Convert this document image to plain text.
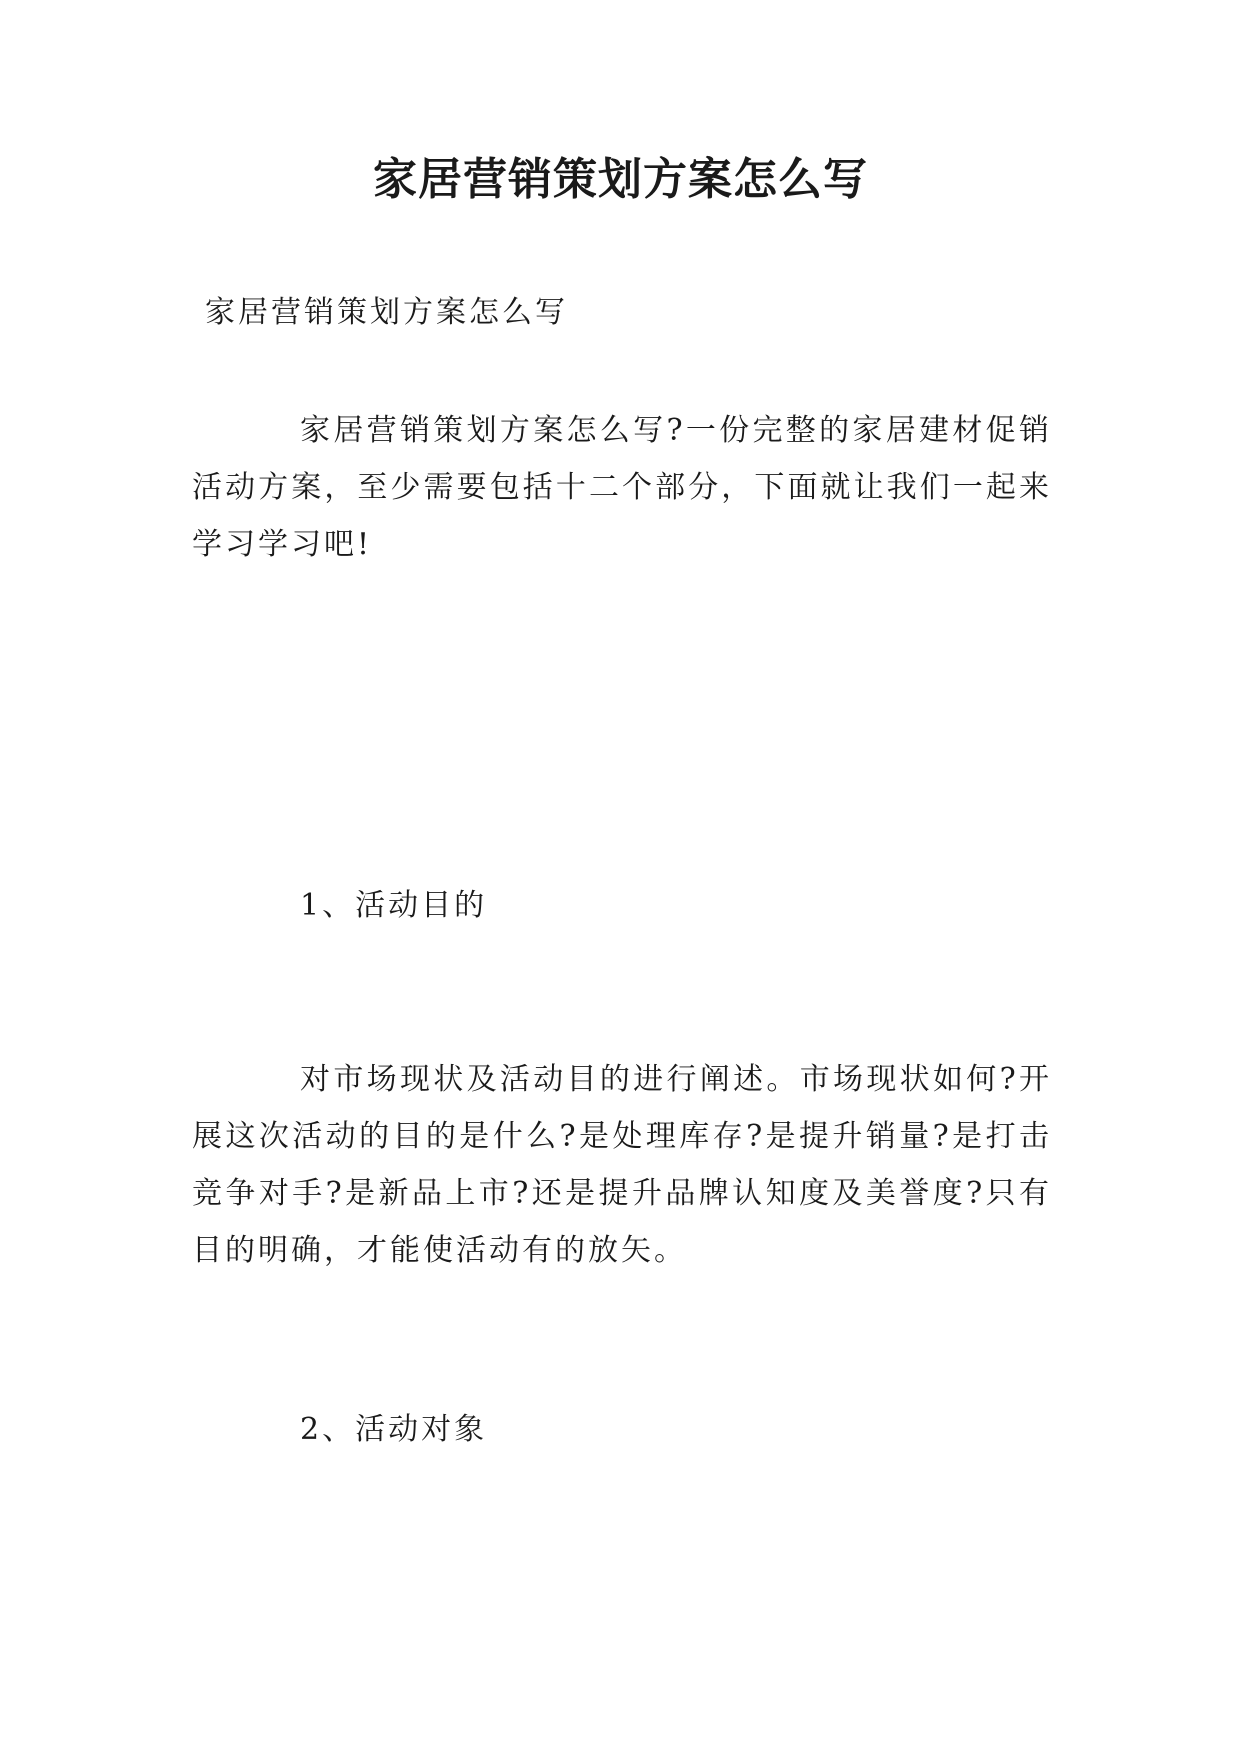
家居营销策划方案怎么写

家居营销策划方案怎么写

家居营销策划方案怎么写?一份完整的家居建材促销活动方案，至少需要包括十二个部分，下面就让我们一起来学习学习吧!

1、活动目的

对市场现状及活动目的进行阐述。市场现状如何?开展这次活动的目的是什么?是处理库存?是提升销量?是打击竞争对手?是新品上市?还是提升品牌认知度及美誉度?只有目的明确，才能使活动有的放矢。

2、活动对象
